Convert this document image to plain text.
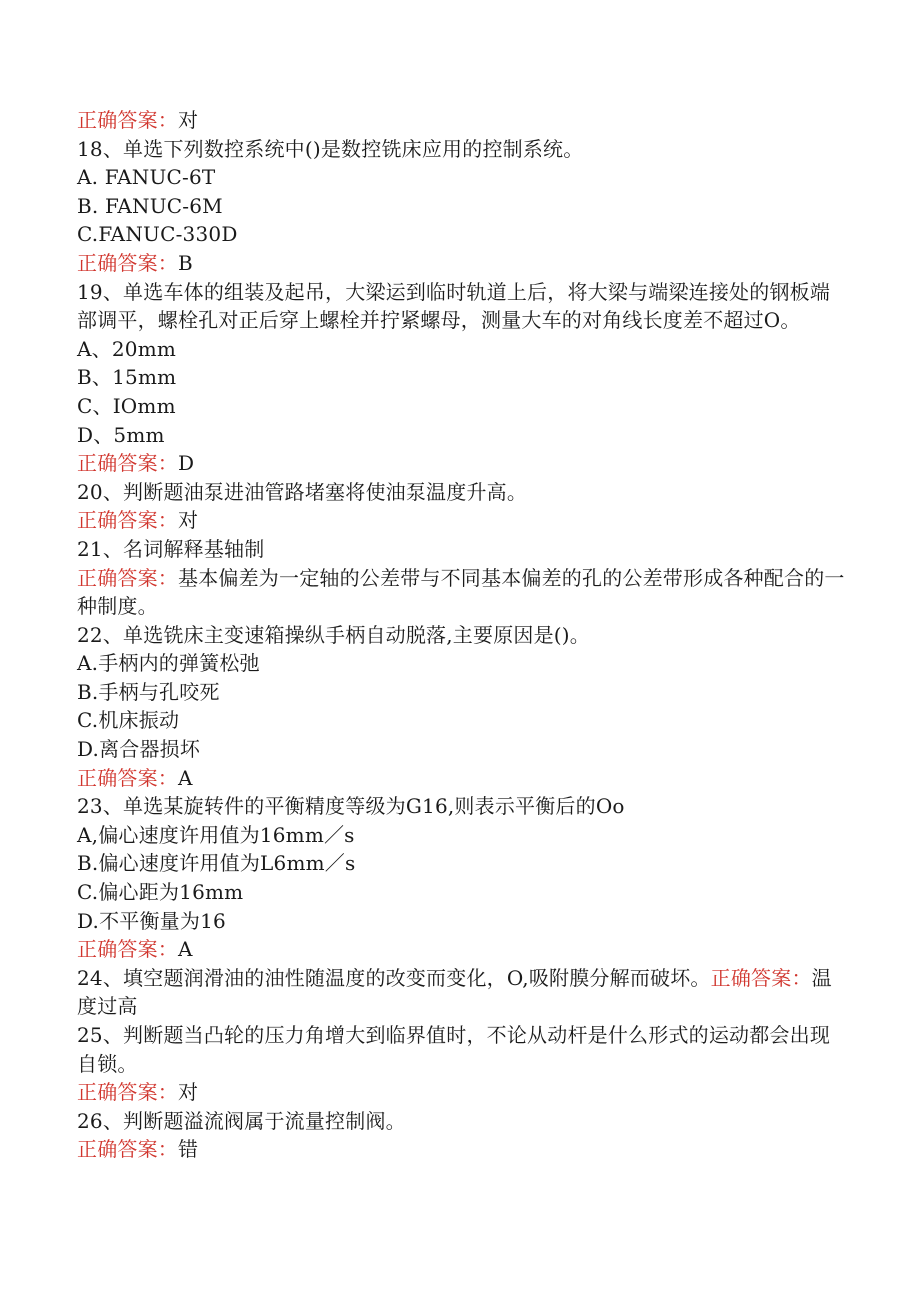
正确答案：对
18、单选下列数控系统中()是数控铣床应用的控制系统。
A. FANUC-6T
B. FANUC-6M
C.FANUC-330D
正确答案：B
19、单选车体的组装及起吊，大梁运到临时轨道上后，将大梁与端梁连接处的钢板端部调平，螺栓孔对正后穿上螺栓并拧紧螺母，测量大车的对角线长度差不超过O。
A、20mm
B、15mm
C、IOmm
D、5mm
正确答案：D
20、判断题油泵进油管路堵塞将使油泵温度升高。
正确答案：对
21、名词解释基轴制
正确答案：基本偏差为一定轴的公差带与不同基本偏差的孔的公差带形成各种配合的一种制度。
22、单选铣床主变速箱操纵手柄自动脱落,主要原因是()。
A.手柄内的弹簧松弛
B.手柄与孔咬死
C.机床振动
D.离合器损坏
正确答案：A
23、单选某旋转件的平衡精度等级为G16,则表示平衡后的Oo
A,偏心速度许用值为16mm／s
B.偏心速度许用值为L6mm／s
C.偏心距为16mm
D.不平衡量为16
正确答案：A
24、填空题润滑油的油性随温度的改变而变化，O,吸附膜分解而破坏。正确答案：温度过高
25、判断题当凸轮的压力角增大到临界值时，不论从动杆是什么形式的运动都会出现自锁。
正确答案：对
26、判断题溢流阀属于流量控制阀。
正确答案：错
